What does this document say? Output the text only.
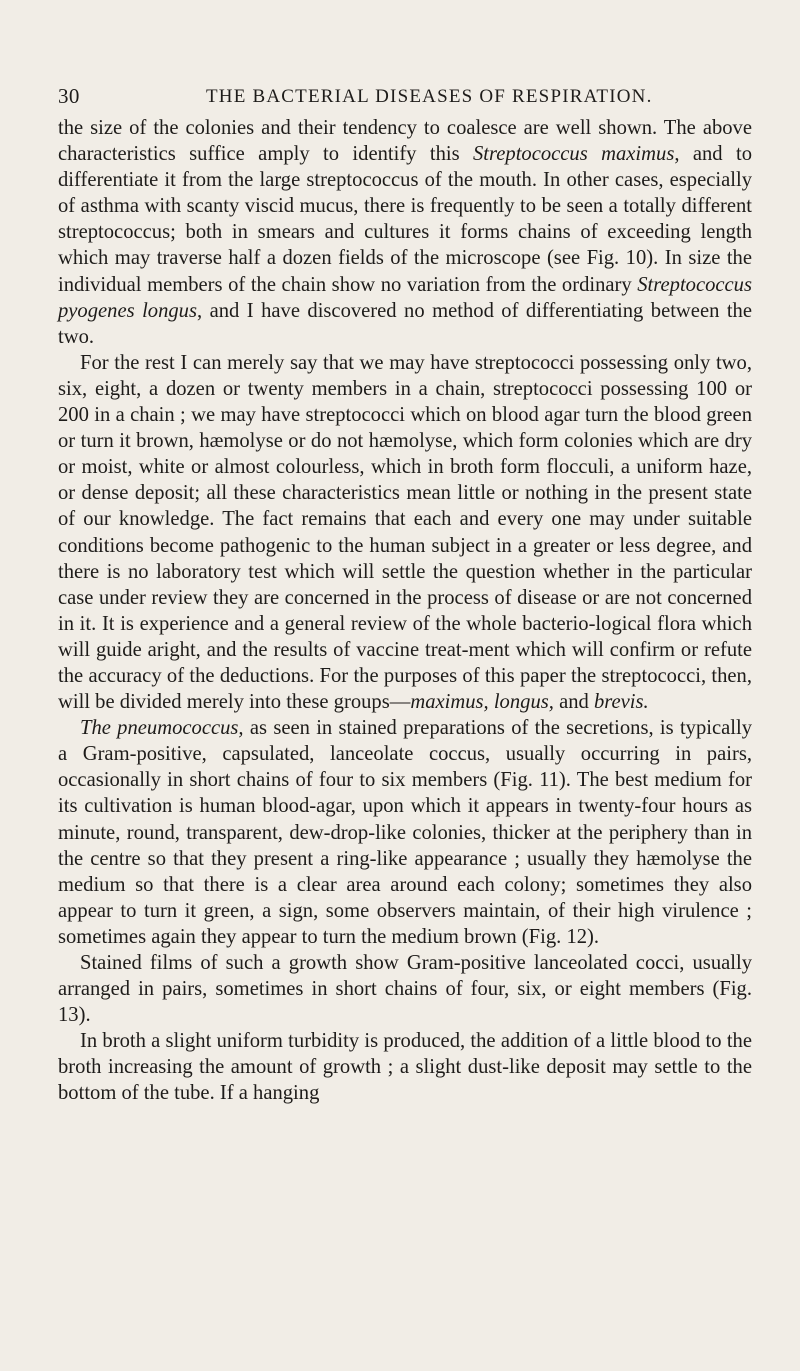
30	THE BACTERIAL DISEASES OF RESPIRATION.

the size of the colonies and their tendency to coalesce are well shown. The above characteristics suffice amply to identify this Streptococcus maximus, and to differentiate it from the large streptococcus of the mouth. In other cases, especially of asthma with scanty viscid mucus, there is frequently to be seen a totally different streptococcus; both in smears and cultures it forms chains of exceeding length which may traverse half a dozen fields of the microscope (see Fig. 10). In size the individual members of the chain show no variation from the ordinary Streptococcus pyogenes longus, and I have discovered no method of differentiating between the two.

For the rest I can merely say that we may have streptococci possessing only two, six, eight, a dozen or twenty members in a chain, streptococci possessing 100 or 200 in a chain ; we may have streptococci which on blood agar turn the blood green or turn it brown, hæmolyse or do not hæmolyse, which form colonies which are dry or moist, white or almost colourless, which in broth form flocculi, a uniform haze, or dense deposit; all these characteristics mean little or nothing in the present state of our knowledge. The fact remains that each and every one may under suitable conditions become pathogenic to the human subject in a greater or less degree, and there is no laboratory test which will settle the question whether in the particular case under review they are concerned in the process of disease or are not concerned in it. It is experience and a general review of the whole bacterio-logical flora which will guide aright, and the results of vaccine treat-ment which will confirm or refute the accuracy of the deductions. For the purposes of this paper the streptococci, then, will be divided merely into these groups—maximus, longus, and brevis.

The pneumococcus, as seen in stained preparations of the secretions, is typically a Gram-positive, capsulated, lanceolate coccus, usually occurring in pairs, occasionally in short chains of four to six members (Fig. 11). The best medium for its cultivation is human blood-agar, upon which it appears in twenty-four hours as minute, round, transparent, dew-drop-like colonies, thicker at the periphery than in the centre so that they present a ring-like appearance ; usually they hæmolyse the medium so that there is a clear area around each colony; sometimes they also appear to turn it green, a sign, some observers maintain, of their high virulence ; sometimes again they appear to turn the medium brown (Fig. 12).

Stained films of such a growth show Gram-positive lanceolated cocci, usually arranged in pairs, sometimes in short chains of four, six, or eight members (Fig. 13).

In broth a slight uniform turbidity is produced, the addition of a little blood to the broth increasing the amount of growth ; a slight dust-like deposit may settle to the bottom of the tube. If a hanging
